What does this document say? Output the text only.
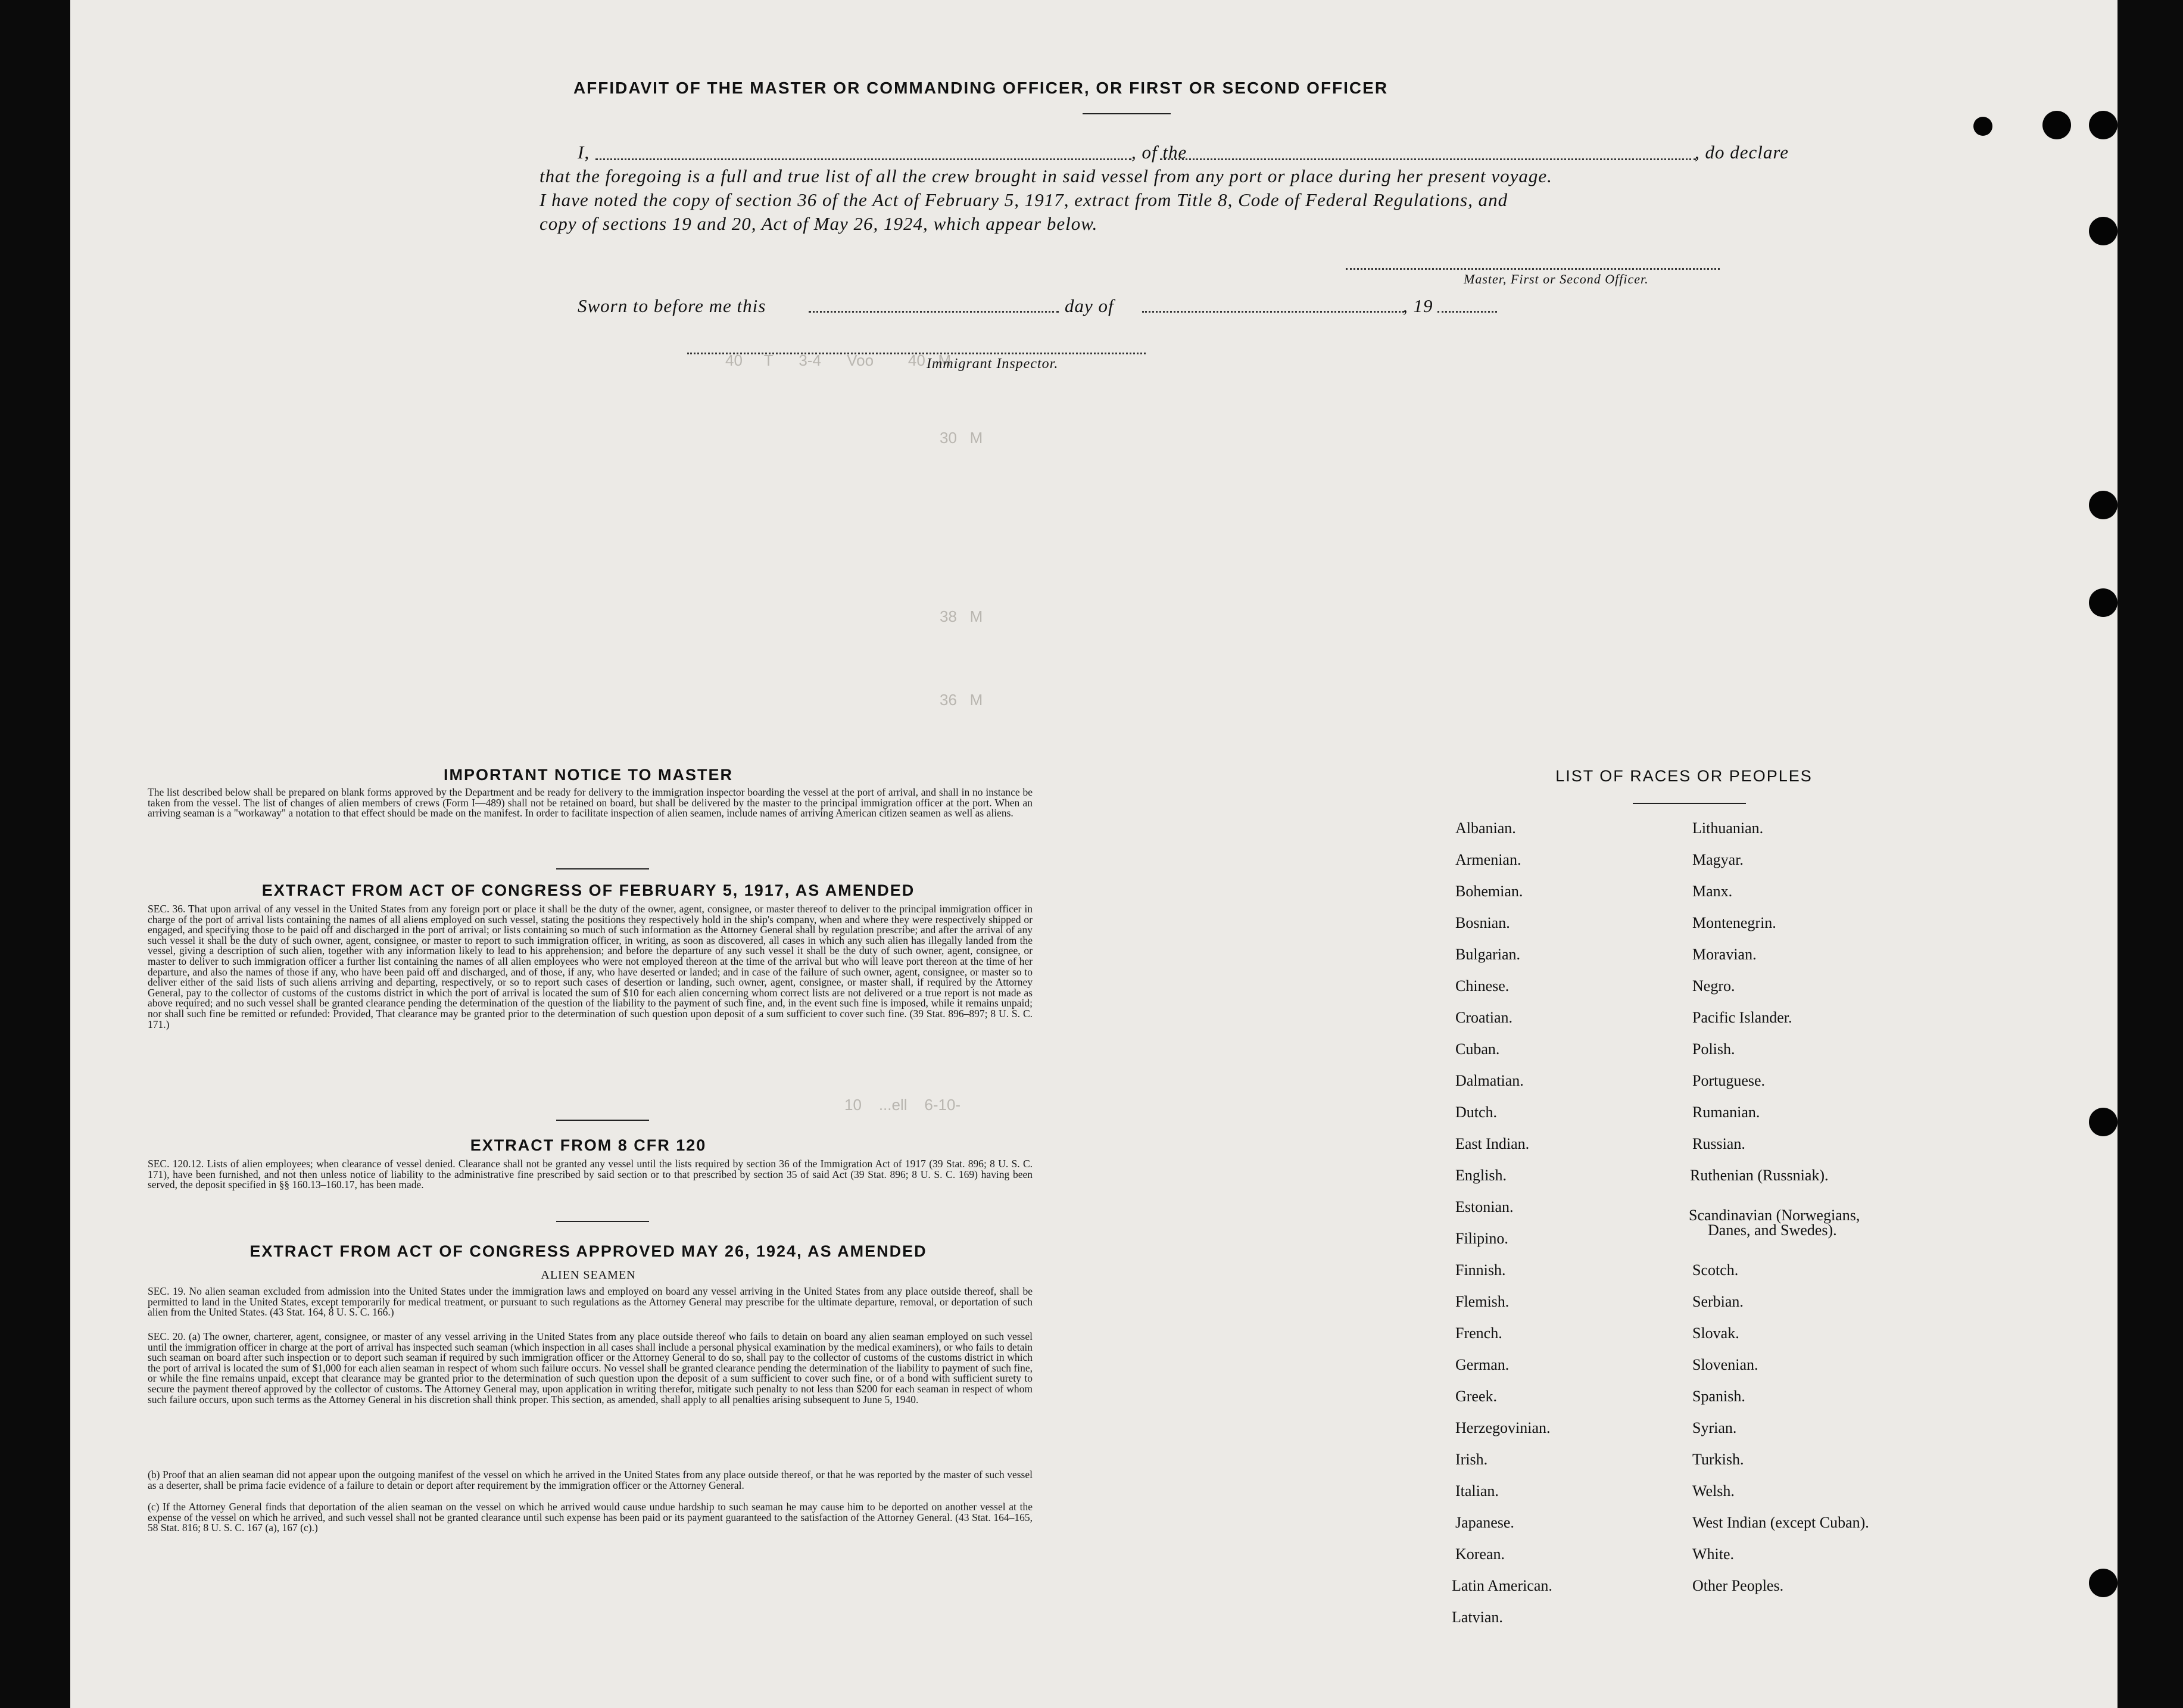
40     T      3-4      Voo        40   M
30   M
38   M
36   M
10    ...ell    6-10-
AFFIDAVIT OF THE MASTER OR COMMANDING OFFICER, OR FIRST OR SECOND OFFICER
I,	, of the	, do declare
that the foregoing is a full and true list of all the crew brought in said vessel from any port or place during her present voyage.
I have noted the copy of section 36 of the Act of February 5, 1917, extract from Title 8, Code of Federal Regulations, and
copy of sections 19 and 20, Act of May 26, 1924, which appear below.
Master, First or Second Officer.
Sworn to before me this	day of	, 19
Immigrant Inspector.
IMPORTANT NOTICE TO MASTER
The list described below shall be prepared on blank forms approved by the Department and be ready for delivery to the immigration inspector boarding the vessel at the port of arrival, and shall in no instance be taken from the vessel. The list of changes of alien members of crews (Form I—489) shall not be retained on board, but shall be delivered by the master to the principal immigration officer at the port. When an arriving seaman is a "workaway" a notation to that effect should be made on the manifest. In order to facilitate inspection of alien seamen, include names of arriving American citizen seamen as well as aliens.
EXTRACT FROM ACT OF CONGRESS OF FEBRUARY 5, 1917, AS AMENDED
SEC. 36. That upon arrival of any vessel in the United States from any foreign port or place it shall be the duty of the owner, agent, consignee, or master thereof to deliver to the principal immigration officer in charge of the port of arrival lists containing the names of all aliens employed on such vessel, stating the positions they respectively hold in the ship's company, when and where they were respectively shipped or engaged, and specifying those to be paid off and discharged in the port of arrival; or lists containing so much of such information as the Attorney General shall by regulation prescribe; and after the arrival of any such vessel it shall be the duty of such owner, agent, consignee, or master to report to such immigration officer, in writing, as soon as discovered, all cases in which any such alien has illegally landed from the vessel, giving a description of such alien, together with any information likely to lead to his apprehension; and before the departure of any such vessel it shall be the duty of such owner, agent, consignee, or master to deliver to such immigration officer a further list containing the names of all alien employees who were not employed thereon at the time of the arrival but who will leave port thereon at the time of her departure, and also the names of those if any, who have been paid off and discharged, and of those, if any, who have deserted or landed; and in case of the failure of such owner, agent, consignee, or master so to deliver either of the said lists of such aliens arriving and departing, respectively, or so to report such cases of desertion or landing, such owner, agent, consignee, or master shall, if required by the Attorney General, pay to the collector of customs of the customs district in which the port of arrival is located the sum of $10 for each alien concerning whom correct lists are not delivered or a true report is not made as above required; and no such vessel shall be granted clearance pending the determination of the question of the liability to the payment of such fine, and, in the event such fine is imposed, while it remains unpaid; nor shall such fine be remitted or refunded: Provided, That clearance may be granted prior to the determination of such question upon deposit of a sum sufficient to cover such fine. (39 Stat. 896–897; 8 U. S. C. 171.)
EXTRACT FROM 8 CFR 120
SEC. 120.12. Lists of alien employees; when clearance of vessel denied. Clearance shall not be granted any vessel until the lists required by section 36 of the Immigration Act of 1917 (39 Stat. 896; 8 U. S. C. 171), have been furnished, and not then unless notice of liability to the administrative fine prescribed by said section or to that prescribed by section 35 of said Act (39 Stat. 896; 8 U. S. C. 169) having been served, the deposit specified in §§ 160.13–160.17, has been made.
EXTRACT FROM ACT OF CONGRESS APPROVED MAY 26, 1924, AS AMENDED
ALIEN SEAMEN
SEC. 19. No alien seaman excluded from admission into the United States under the immigration laws and employed on board any vessel arriving in the United States from any place outside thereof, shall be permitted to land in the United States, except temporarily for medical treatment, or pursuant to such regulations as the Attorney General may prescribe for the ultimate departure, removal, or deportation of such alien from the United States. (43 Stat. 164, 8 U. S. C. 166.)
SEC. 20. (a) The owner, charterer, agent, consignee, or master of any vessel arriving in the United States from any place outside thereof who fails to detain on board any alien seaman employed on such vessel until the immigration officer in charge at the port of arrival has inspected such seaman (which inspection in all cases shall include a personal physical examination by the medical examiners), or who fails to detain such seaman on board after such inspection or to deport such seaman if required by such immigration officer or the Attorney General to do so, shall pay to the collector of customs of the customs district in which the port of arrival is located the sum of $1,000 for each alien seaman in respect of whom such failure occurs. No vessel shall be granted clearance pending the determination of the liability to payment of such fine, or while the fine remains unpaid, except that clearance may be granted prior to the determination of such question upon the deposit of a sum sufficient to cover such fine, or of a bond with sufficient surety to secure the payment thereof approved by the collector of customs. The Attorney General may, upon application in writing therefor, mitigate such penalty to not less than $200 for each seaman in respect of whom such failure occurs, upon such terms as the Attorney General in his discretion shall think proper. This section, as amended, shall apply to all penalties arising subsequent to June 5, 1940.
(b) Proof that an alien seaman did not appear upon the outgoing manifest of the vessel on which he arrived in the United States from any place outside thereof, or that he was reported by the master of such vessel as a deserter, shall be prima facie evidence of a failure to detain or deport after requirement by the immigration officer or the Attorney General.
(c) If the Attorney General finds that deportation of the alien seaman on the vessel on which he arrived would cause undue hardship to such seaman he may cause him to be deported on another vessel at the expense of the vessel on which he arrived, and such vessel shall not be granted clearance until such expense has been paid or its payment guaranteed to the satisfaction of the Attorney General. (43 Stat. 164–165, 58 Stat. 816; 8 U. S. C. 167 (a), 167 (c).)
LIST OF RACES OR PEOPLES
Albanian.
Armenian.
Bohemian.
Bosnian.
Bulgarian.
Chinese.
Croatian.
Cuban.
Dalmatian.
Dutch.
East Indian.
English.
Estonian.
Filipino.
Finnish.
Flemish.
French.
German.
Greek.
Herzegovinian.
Irish.
Italian.
Japanese.
Korean.
Latin American.
Latvian.
Lithuanian.
Magyar.
Manx.
Montenegrin.
Moravian.
Negro.
Pacific Islander.
Polish.
Portuguese.
Rumanian.
Russian.
Ruthenian (Russniak).
Scandinavian (Norwegians,
Danes, and Swedes).
Scotch.
Serbian.
Slovak.
Slovenian.
Spanish.
Syrian.
Turkish.
Welsh.
West Indian (except Cuban).
White.
Other Peoples.
